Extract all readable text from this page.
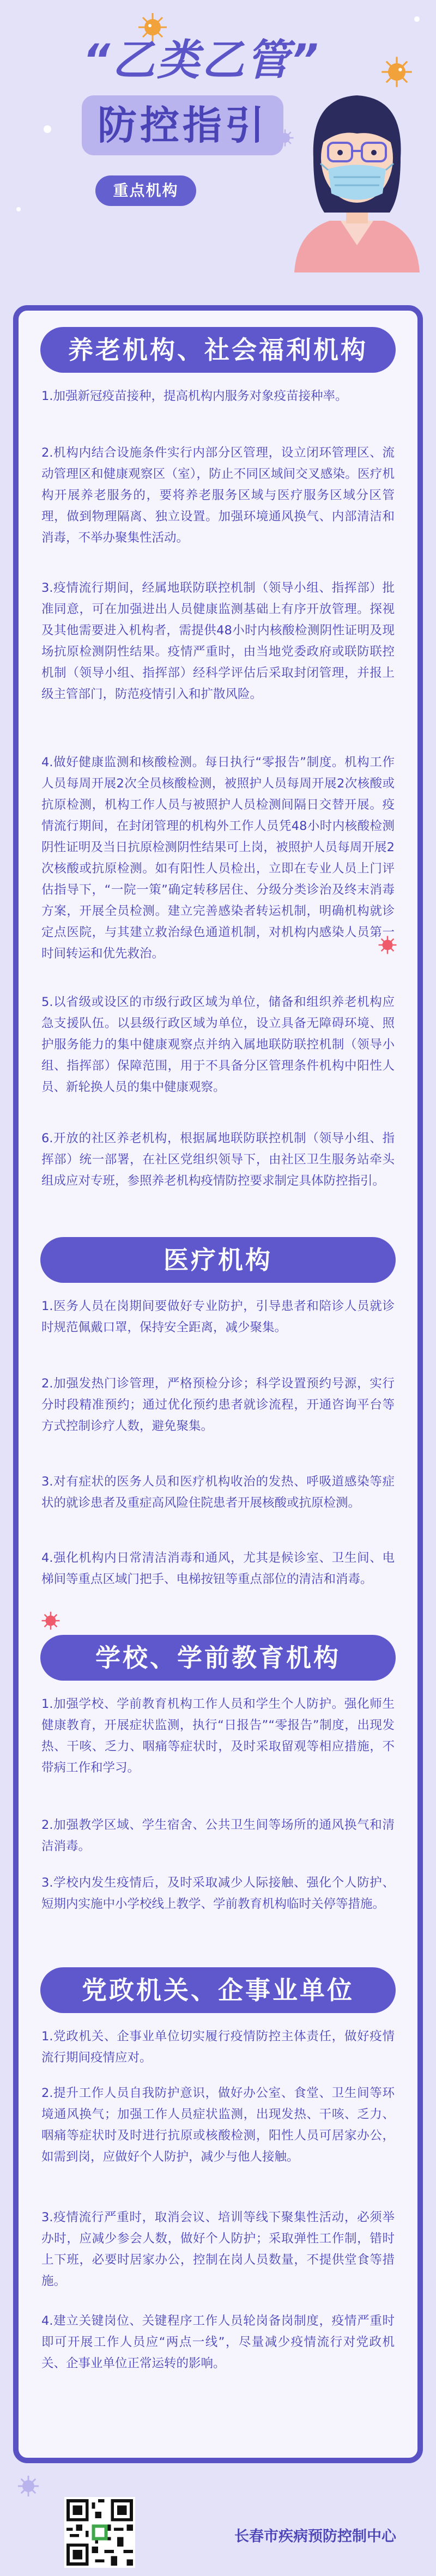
“乙类乙管”
防控指引
重点机构
养老机构、社会福利机构
1.加强新冠疫苗接种，提高机构内服务对象疫苗接种率。
2.机构内结合设施条件实行内部分区管理，设立闭环管理区、流动管理区和健康观察区（室），防止不同区域间交叉感染。医疗机构开展养老服务的，要将养老服务区域与医疗服务区域分区管理，做到物理隔离、独立设置。加强环境通风换气、内部清洁和消毒，不举办聚集性活动。
3.疫情流行期间，经属地联防联控机制（领导小组、指挥部）批准同意，可在加强进出人员健康监测基础上有序开放管理。探视及其他需要进入机构者，需提供48小时内核酸检测阴性证明及现场抗原检测阴性结果。疫情严重时，由当地党委政府或联防联控机制（领导小组、指挥部）经科学评估后采取封闭管理，并报上级主管部门，防范疫情引入和扩散风险。
4.做好健康监测和核酸检测。每日执行“零报告”制度。机构工作人员每周开展2次全员核酸检测，被照护人员每周开展2次核酸或抗原检测，机构工作人员与被照护人员检测间隔日交替开展。疫情流行期间，在封闭管理的机构外工作人员凭48小时内核酸检测阴性证明及当日抗原检测阴性结果可上岗，被照护人员每周开展2次核酸或抗原检测。如有阳性人员检出，立即在专业人员上门评估指导下，“一院一策”确定转移居住、分级分类诊治及终末消毒方案，开展全员检测。建立完善感染者转运机制，明确机构就诊定点医院，与其建立救治绿色通道机制，对机构内感染人员第一时间转运和优先救治。
5.以省级或设区的市级行政区域为单位，储备和组织养老机构应急支援队伍。以县级行政区域为单位，设立具备无障碍环境、照护服务能力的集中健康观察点并纳入属地联防联控机制（领导小组、指挥部）保障范围，用于不具备分区管理条件机构中阳性人员、新轮换人员的集中健康观察。
6.开放的社区养老机构，根据属地联防联控机制（领导小组、指挥部）统一部署，在社区党组织领导下，由社区卫生服务站牵头组成应对专班，参照养老机构疫情防控要求制定具体防控指引。
医疗机构
1.医务人员在岗期间要做好专业防护，引导患者和陪诊人员就诊时规范佩戴口罩，保持安全距离，减少聚集。
2.加强发热门诊管理，严格预检分诊；科学设置预约号源，实行分时段精准预约；通过优化预约患者就诊流程，开通咨询平台等方式控制诊疗人数，避免聚集。
3.对有症状的医务人员和医疗机构收治的发热、呼吸道感染等症状的就诊患者及重症高风险住院患者开展核酸或抗原检测。
4.强化机构内日常清洁消毒和通风，尤其是候诊室、卫生间、电梯间等重点区域门把手、电梯按钮等重点部位的清洁和消毒。
学校、学前教育机构
1.加强学校、学前教育机构工作人员和学生个人防护。强化师生健康教育，开展症状监测，执行“日报告”“零报告”制度，出现发热、干咳、乏力、咽痛等症状时，及时采取留观等相应措施，不带病工作和学习。
2.加强教学区域、学生宿舍、公共卫生间等场所的通风换气和清洁消毒。
3.学校内发生疫情后，及时采取减少人际接触、强化个人防护、短期内实施中小学校线上教学、学前教育机构临时关停等措施。
党政机关、企事业单位
1.党政机关、企事业单位切实履行疫情防控主体责任，做好疫情流行期间疫情应对。
2.提升工作人员自我防护意识，做好办公室、食堂、卫生间等环境通风换气；加强工作人员症状监测，出现发热、干咳、乏力、咽痛等症状时及时进行抗原或核酸检测，阳性人员可居家办公，如需到岗，应做好个人防护，减少与他人接触。
3.疫情流行严重时，取消会议、培训等线下聚集性活动，必须举办时，应减少参会人数，做好个人防护；采取弹性工作制，错时上下班，必要时居家办公，控制在岗人员数量，不提供堂食等措施。
4.建立关键岗位、关键程序工作人员轮岗备岗制度，疫情严重时即可开展工作人员应“两点一线”，尽量减少疫情流行对党政机关、企事业单位正常运转的影响。
长春市疾病预防控制中心
